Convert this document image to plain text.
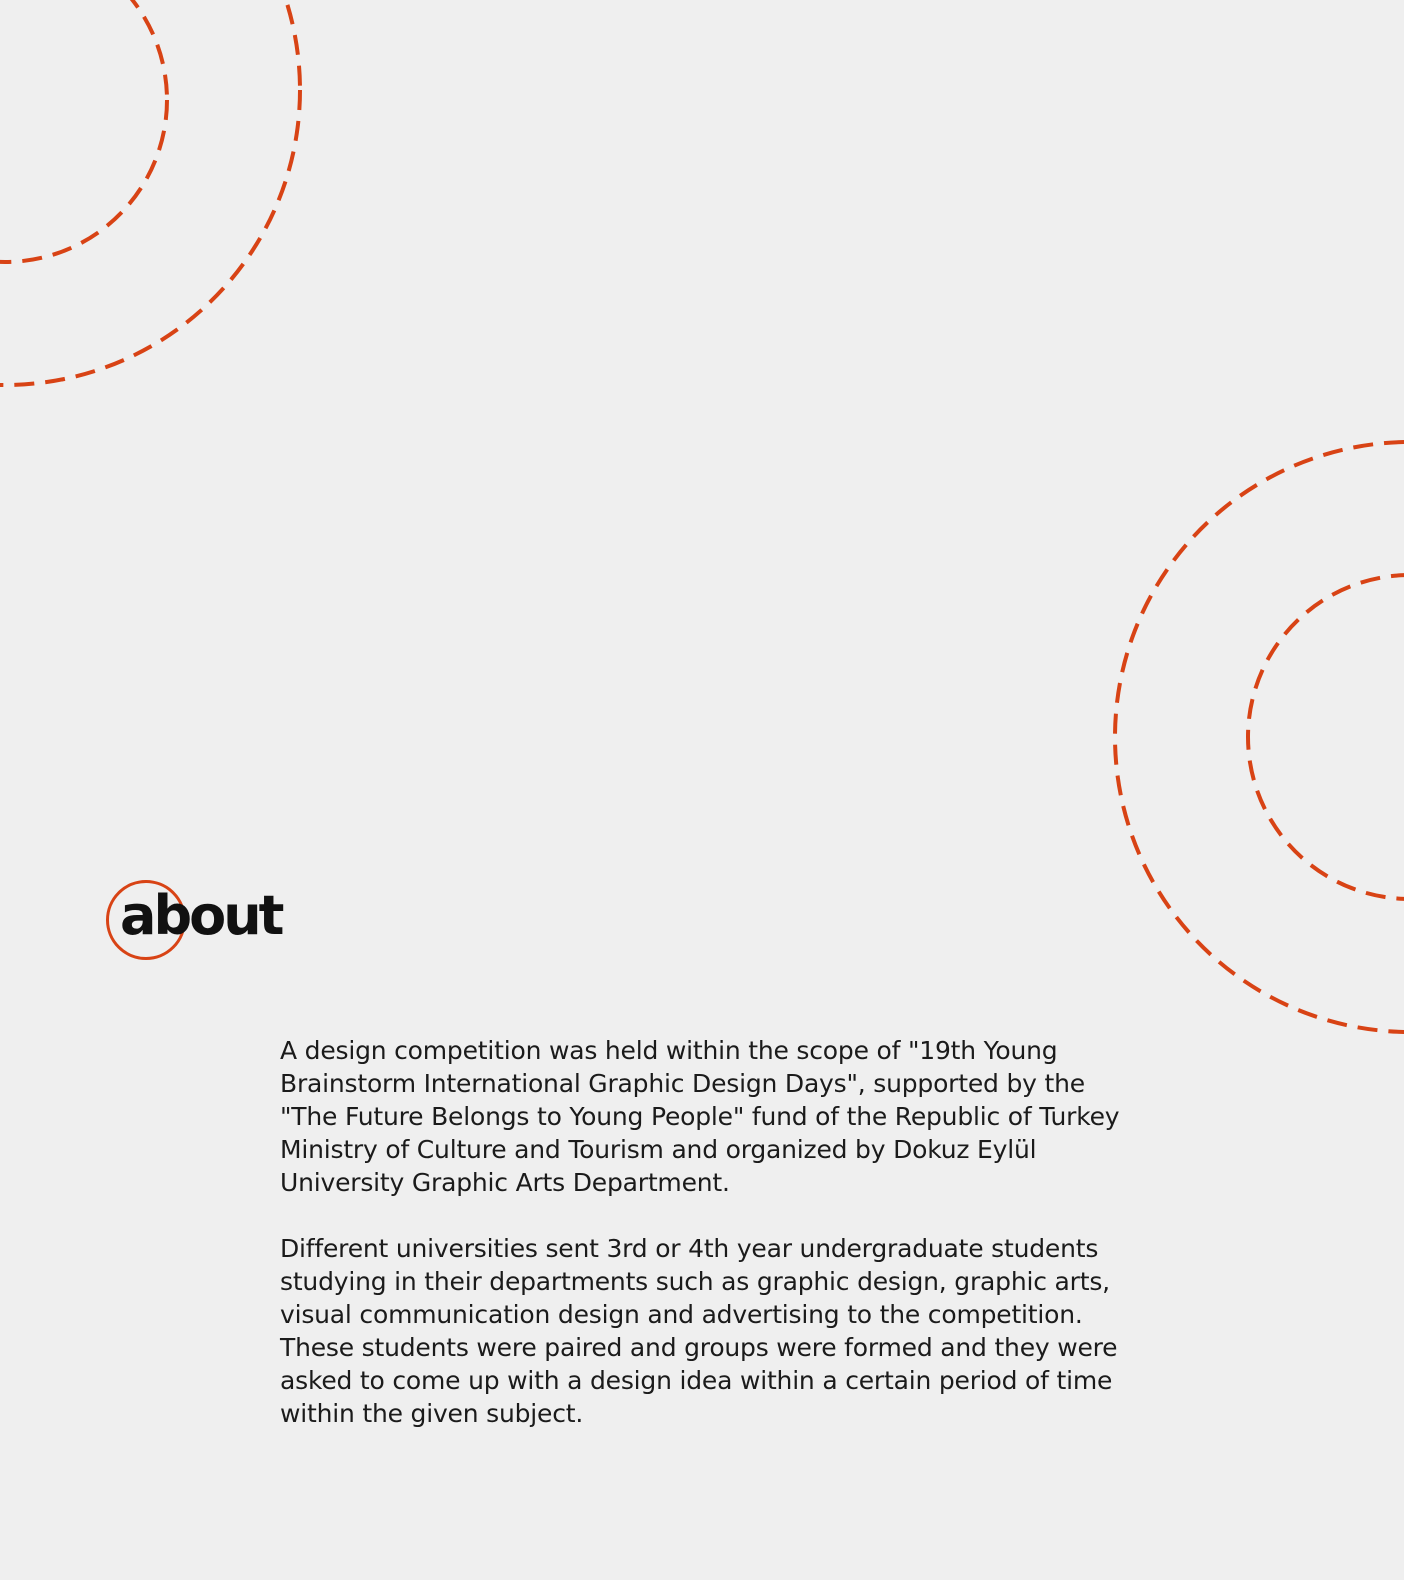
about

A design competition was held within the scope of "19th Young Brainstorm International Graphic Design Days", supported by the "The Future Belongs to Young People" fund of the Republic of Turkey Ministry of Culture and Tourism and organized by Dokuz Eylül University Graphic Arts Department.

Different universities sent 3rd or 4th year undergraduate students studying in their departments such as graphic design, graphic arts, visual communication design and advertising to the competition. These students were paired and groups were formed and they were asked to come up with a design idea within a certain period of time within the given subject.
